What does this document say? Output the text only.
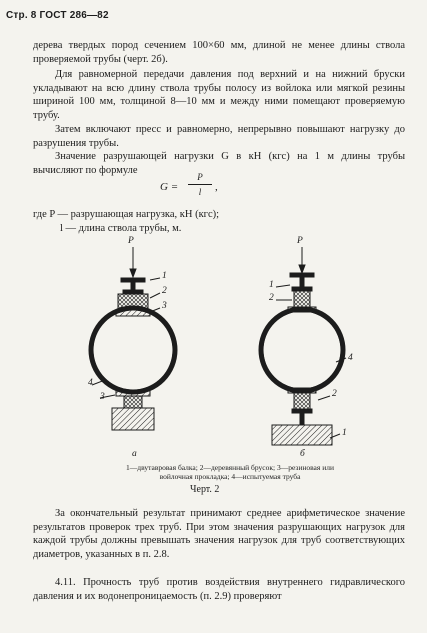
Стр. 8 ГОСТ 286—82
дерева твердых пород сечением 100×60 мм, длиной не менее длины ствола проверяемой трубы (черт. 2б).
Для равномерной передачи давления под верхний и на нижний бруски укладывают на всю длину ствола трубы полосу из войлока или мягкой резины шириной 100 мм, толщиной 8—10 мм и между ними помещают проверяемую трубу.
Затем включают пресс и равномерно, непрерывно повышают нагрузку до разрушения трубы.
Значение разрушающей нагрузки G в кН (кгс) на 1 м длины трубы вычисляют по формуле
G =
P
l	,
где P — разрушающая нагрузка, кН (кгс);
l — длина ствола трубы, м.
P	P
1
2
3
4
3
1
2
4
2
1
а	б
1—двутавровая балка; 2—деревянный брусок; 3—резиновая или войлочная прокладка; 4—испытуемая труба
Черт. 2
За окончательный результат принимают среднее арифметическое значение результатов проверок трех труб. При этом значения разрушающих нагрузок для каждой трубы должны превышать значения нагрузок для труб соответствующих диаметров, указанных в п. 2.8.
4.11. Прочность труб против воздействия внутреннего гидравлического давления и их водонепроницаемость (п. 2.9) проверяют
